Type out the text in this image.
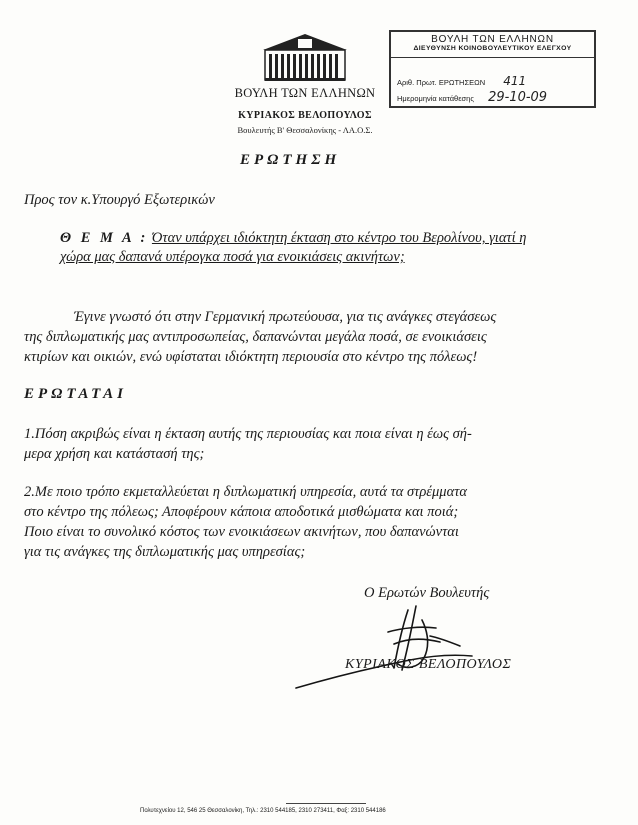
ΒΟΥΛΗ ΤΩΝ ΕΛΛΗΝΩΝ
ΚΥΡΙΑΚΟΣ ΒΕΛΟΠΟΥΛΟΣ
Βουλευτής Β' Θεσσαλονίκης - ΛΑ.Ο.Σ.
ΒΟΥΛΗ ΤΩΝ ΕΛΛΗΝΩΝ
ΔΙΕΥΘΥΝΣΗ ΚΟΙΝΟΒΟΥΛΕΥΤΙΚΟΥ ΕΛΕΓΧΟΥ
Αριθ. Πρωτ. ΕΡΩΤΗΣΕΩΝ 411
Ημερομηνία κατάθεσης 29-10-09
ΕΡΩΤΗΣΗ
Προς τον κ.Υπουργό Εξωτερικών
Θ Ε Μ Α : Όταν υπάρχει ιδιόκτητη έκταση στο κέντρο του Βερολίνου, γιατί η χώρα μας δαπανά υπέρογκα ποσά για ενοικιάσεις ακινήτων;
Έγινε γνωστό ότι στην Γερμανική πρωτεύουσα, για τις ανάγκες στεγάσεως
της διπλωματικής μας αντιπροσωπείας, δαπανώνται μεγάλα ποσά, σε ενοικιάσεις
κτιρίων και οικιών, ενώ υφίσταται ιδιόκτητη περιουσία στο κέντρο της πόλεως!
ΕΡΩΤΑΤΑΙ
1.Πόση ακριβώς είναι η έκταση αυτής της περιουσίας και ποια είναι η έως σή-
μερα χρήση και κατάστασή της;
2.Με ποιο τρόπο εκμεταλλεύεται η διπλωματική υπηρεσία, αυτά τα στρέμματα
στο κέντρο της πόλεως; Αποφέρουν κάποια αποδοτικά μισθώματα και ποιά;
Ποιο είναι το συνολικό κόστος των ενοικιάσεων ακινήτων, που δαπανώνται
για τις ανάγκες της διπλωματικής μας υπηρεσίας;
Ο Ερωτών Βουλευτής
ΚΥΡΙΑΚΟΣ ΒΕΛΟΠΟΥΛΟΣ
Πολυτεχνείου 12, 546 25 Θεσσαλονίκη, Τηλ.: 2310 544185, 2310 273411, Φαξ: 2310 544186
